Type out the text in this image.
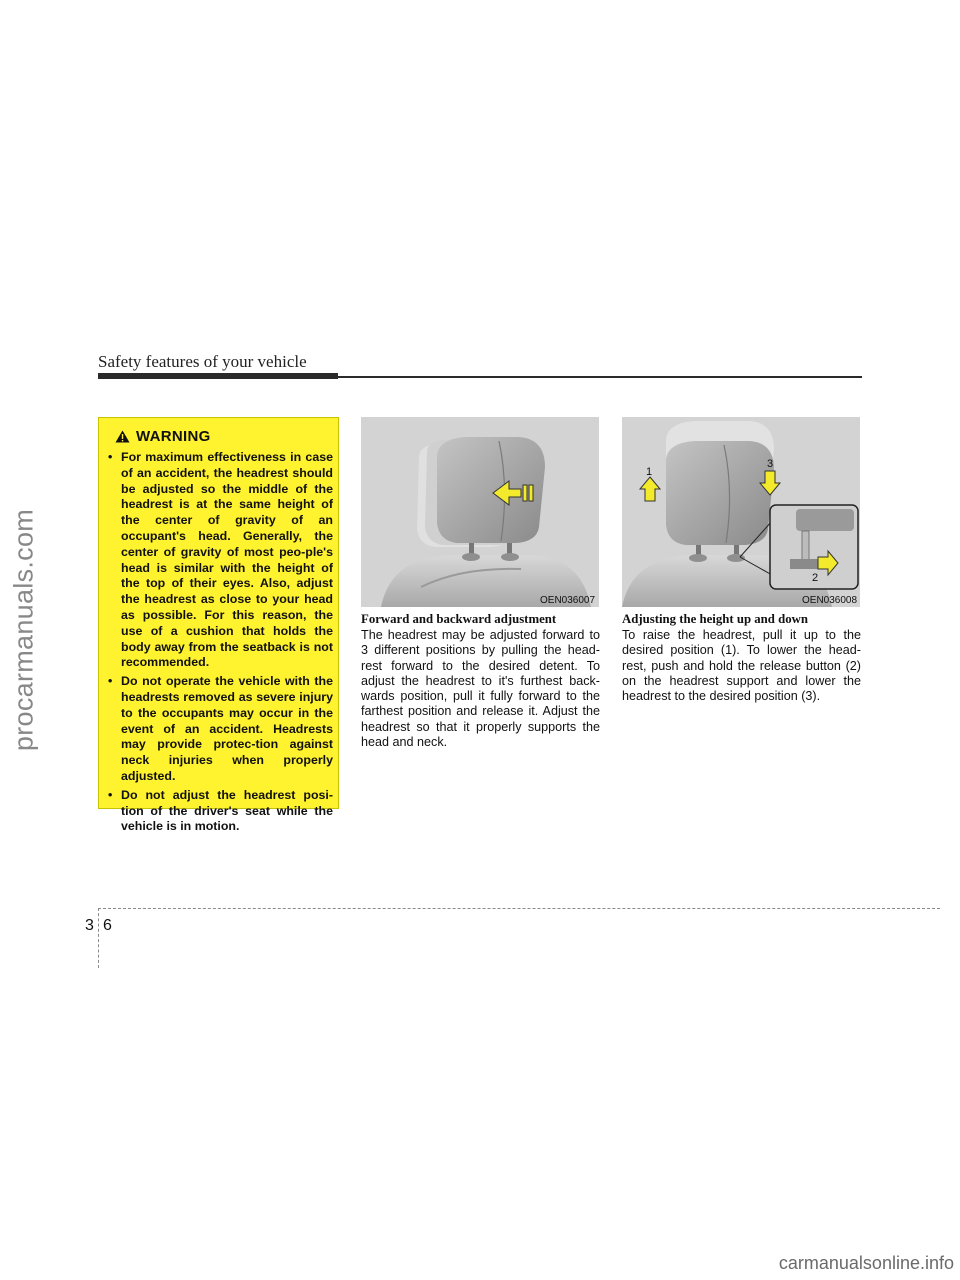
Safety features of your vehicle
procarmanuals.com
WARNING
• For maximum effectiveness in case of an accident, the headrest should be adjusted so the middle of the headrest is at the same height of the center of gravity of an occupant's head. Generally, the center of gravity of most peo-ple's head is similar with the height of the top of their eyes. Also, adjust the headrest as close to your head as possible. For this reason, the use of a cushion that holds the body away from the seatback is not recommended.
• Do not operate the vehicle with the headrests removed as severe injury to the occupants may occur in the event of an accident. Headrests may provide protec-tion against neck injuries when properly adjusted.
• Do not adjust the headrest posi-tion of the driver's seat while the vehicle is in motion.
OEN036007
1
3
2
OEN036008
Forward and backward adjustment
The headrest may be adjusted forward to 3 different positions by pulling the head-rest forward to the desired detent. To adjust the headrest to it's furthest back-wards position, pull it fully forward to the farthest position and release it. Adjust the headrest so that it properly supports the head and neck.
Adjusting the height up and down
To raise the headrest, pull it up to the desired position (1). To lower the head-rest, push and hold the release button (2) on the headrest support and lower the headrest to the desired position (3).
3 6
carmanualsonline.info
